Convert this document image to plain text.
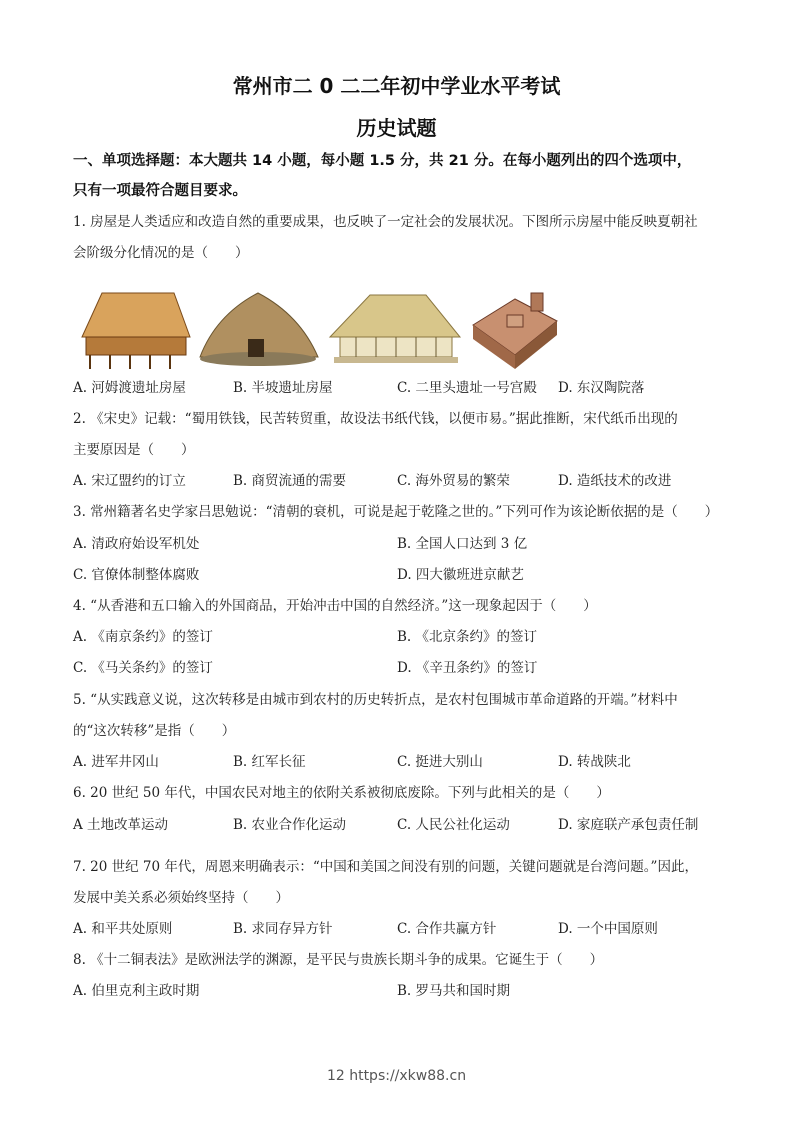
常州市二 0 二二年初中学业水平考试
历史试题
一、单项选择题：本大题共 14 小题，每小题 1.5 分，共 21 分。在每小题列出的四个选项中，
只有一项最符合题目要求。
1. 房屋是人类适应和改造自然的重要成果，也反映了一定社会的发展状况。下图所示房屋中能反映夏朝社
会阶级分化情况的是（　　）
A. 河姆渡遗址房屋	B. 半坡遗址房屋	C. 二里头遗址一号宫殿 D. 东汉陶院落
2. 《宋史》记载：“蜀用铁钱，民苦转贸重，故设法书纸代钱，以便市易。”据此推断，宋代纸币出现的
主要原因是（　　）
A. 宋辽盟约的订立	B. 商贸流通的需要	C. 海外贸易的繁荣	D. 造纸技术的改进
3. 常州籍著名史学家吕思勉说：“清朝的衰机，可说是起于乾隆之世的。”下列可作为该论断依据的是（　　）
A. 清政府始设军机处	B. 全国人口达到 3 亿
C. 官僚体制整体腐败	D. 四大徽班进京献艺
4. “从香港和五口输入的外国商品，开始冲击中国的自然经济。”这一现象起因于（　　）
A. 《南京条约》的签订	B. 《北京条约》的签订
C. 《马关条约》的签订	D. 《辛丑条约》的签订
5. “从实践意义说，这次转移是由城市到农村的历史转折点，是农村包围城市革命道路的开端。”材料中
的“这次转移”是指（　　）
A. 进军井冈山	B. 红军长征	C. 挺进大别山	D. 转战陕北
6. 20 世纪 50 年代，中国农民对地主的依附关系被彻底废除。下列与此相关的是（　　）
A 土地改革运动	B. 农业合作化运动	C. 人民公社化运动	D. 家庭联产承包责任制
7. 20 世纪 70 年代，周恩来明确表示：“中国和美国之间没有别的问题，关键问题就是台湾问题。”因此，
发展中美关系必须始终坚持（　　）
A. 和平共处原则	B. 求同存异方针	C. 合作共赢方针	D. 一个中国原则
8. 《十二铜表法》是欧洲法学的渊源，是平民与贵族长期斗争的成果。它诞生于（　　）
A. 伯里克利主政时期	B. 罗马共和国时期
12 https://xkw88.cn
